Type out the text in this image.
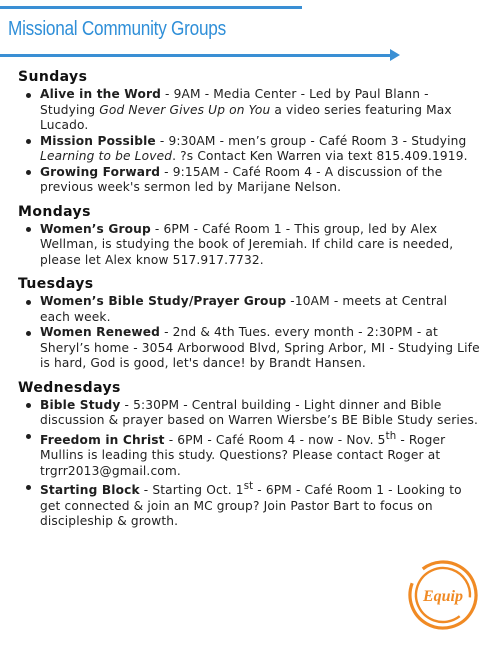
Missional Community Groups
Sundays
Alive in the Word - 9AM - Media Center - Led by Paul Blann - Studying God Never Gives Up on You a video series featuring Max Lucado.
Mission Possible - 9:30AM - men’s group - Café Room 3 - Studying Learning to be Loved. ?s Contact Ken Warren via text 815.409.1919.
Growing Forward - 9:15AM - Café Room 4 - A discussion of the previous week's sermon led by Marijane Nelson.
Mondays
Women’s Group - 6PM - Café Room 1 - This group, led by Alex Wellman, is studying the book of Jeremiah. If child care is needed, please let Alex know 517.917.7732.
Tuesdays
Women’s Bible Study/Prayer Group -10AM - meets at Central each week.
Women Renewed - 2nd & 4th Tues. every month - 2:30PM - at Sheryl’s home - 3054 Arborwood Blvd, Spring Arbor, MI - Studying Life is hard, God is good, let's dance! by Brandt Hansen.
Wednesdays
Bible Study - 5:30PM - Central building - Light dinner and Bible discussion & prayer based on Warren Wiersbe’s BE Bible Study series.
Freedom in Christ - 6PM - Café Room 4 - now - Nov. 5th - Roger Mullins is leading this study. Questions? Please contact Roger at trgrr2013@gmail.com.
Starting Block - Starting Oct. 1st - 6PM - Café Room 1 - Looking to get connected & join an MC group? Join Pastor Bart to focus on discipleship & growth.
Equip
